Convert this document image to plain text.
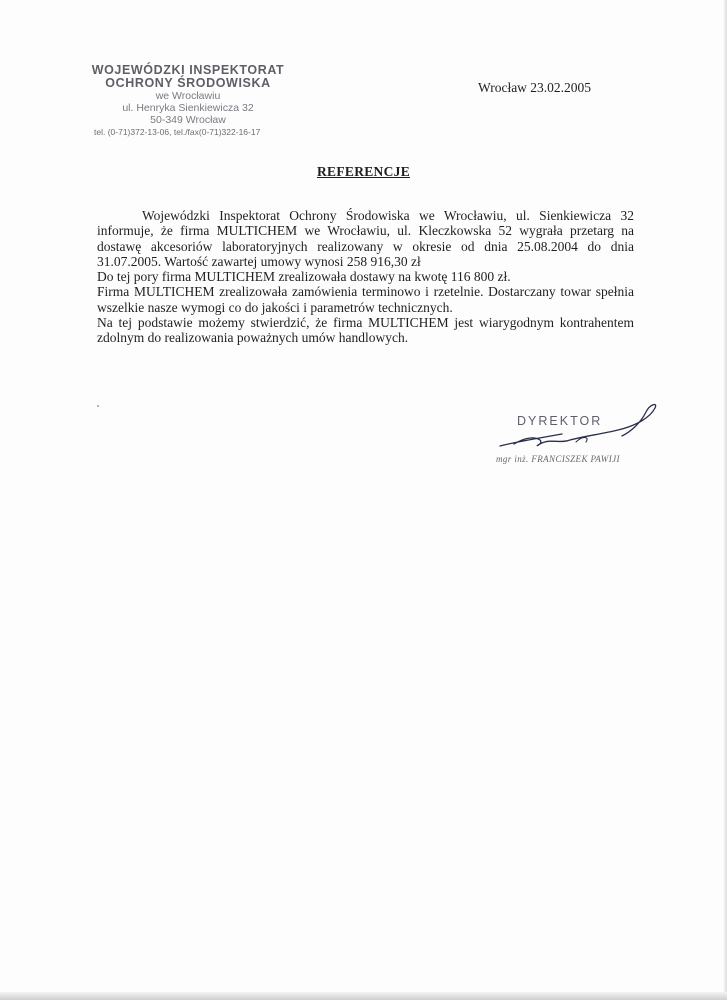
WOJEWÓDZKI INSPEKTORAT
OCHRONY ŚRODOWISKA
we Wrocławiu
ul. Henryka Sienkiewicza 32
50-349 Wrocław
tel. (0-71)372-13-06, tel./fax(0-71)322-16-17
Wrocław 23.02.2005
REFERENCJE

Wojewódzki Inspektorat Ochrony Środowiska we Wrocławiu, ul. Sienkiewicza 32 informuje, że firma MULTICHEM we Wrocławiu, ul. Kleczkowska 52 wygrała przetarg na dostawę akcesoriów laboratoryjnych realizowany w okresie od dnia 25.08.2004 do dnia 31.07.2005. Wartość zawartej umowy wynosi 258 916,30 zł

Do tej pory firma MULTICHEM zrealizowała dostawy na kwotę 116 800 zł.

Firma MULTICHEM zrealizowała zamówienia terminowo i rzetelnie. Dostarczany towar spełnia wszelkie nasze wymogi co do jakości i parametrów technicznych.

Na tej podstawie możemy stwierdzić, że firma MULTICHEM jest wiarygodnym kontrahentem zdolnym do realizowania poważnych umów handlowych.

DYREKTOR
mgr inż. FRANCISZEK PAWIJI
